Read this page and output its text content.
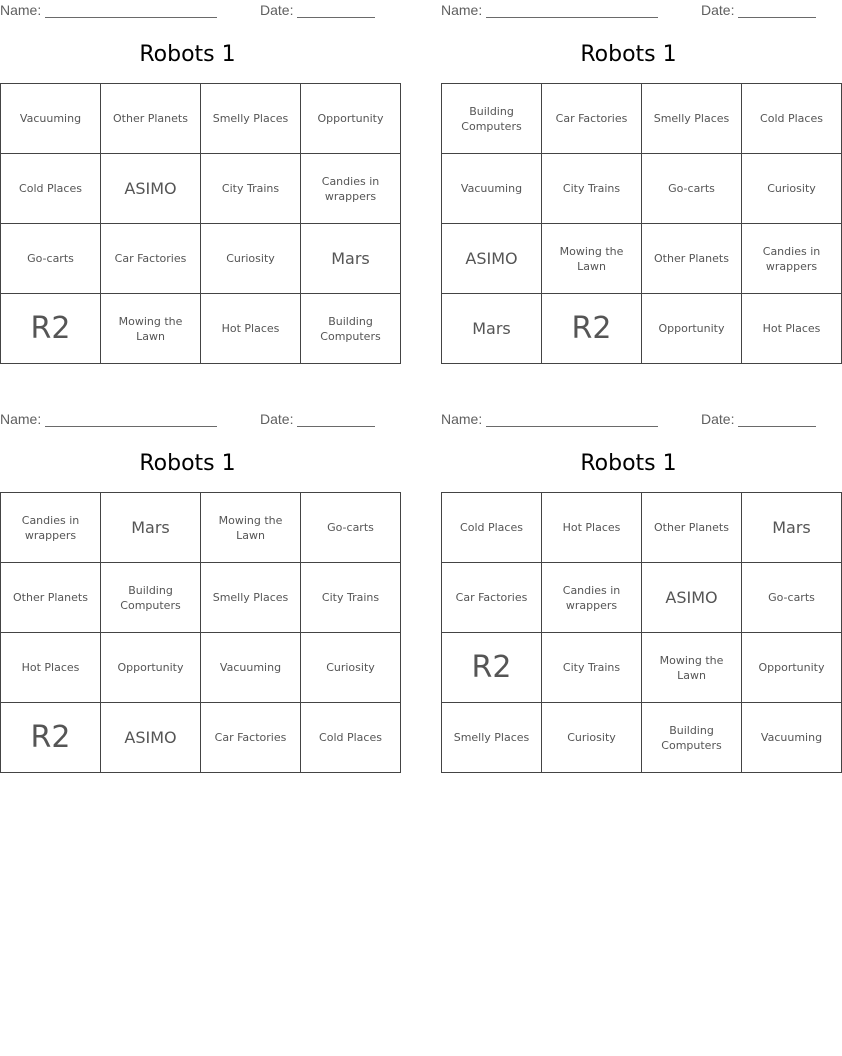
Name:	Date:
Robots 1
Vacuuming	Other Planets	Smelly Places	Opportunity
Cold Places	ASIMO	City Trains	Candies in wrappers
Go-carts	Car Factories	Curiosity	Mars
R2	Mowing the Lawn	Hot Places	Building Computers
Name:	Date:
Robots 1
Building Computers	Car Factories	Smelly Places	Cold Places
Vacuuming	City Trains	Go-carts	Curiosity
ASIMO	Mowing the Lawn	Other Planets	Candies in wrappers
Mars	R2	Opportunity	Hot Places
Name:	Date:
Robots 1
Candies in wrappers	Mars	Mowing the Lawn	Go-carts
Other Planets	Building Computers	Smelly Places	City Trains
Hot Places	Opportunity	Vacuuming	Curiosity
R2	ASIMO	Car Factories	Cold Places
Name:	Date:
Robots 1
Cold Places	Hot Places	Other Planets	Mars
Car Factories	Candies in wrappers	ASIMO	Go-carts
R2	City Trains	Mowing the Lawn	Opportunity
Smelly Places	Curiosity	Building Computers	Vacuuming
